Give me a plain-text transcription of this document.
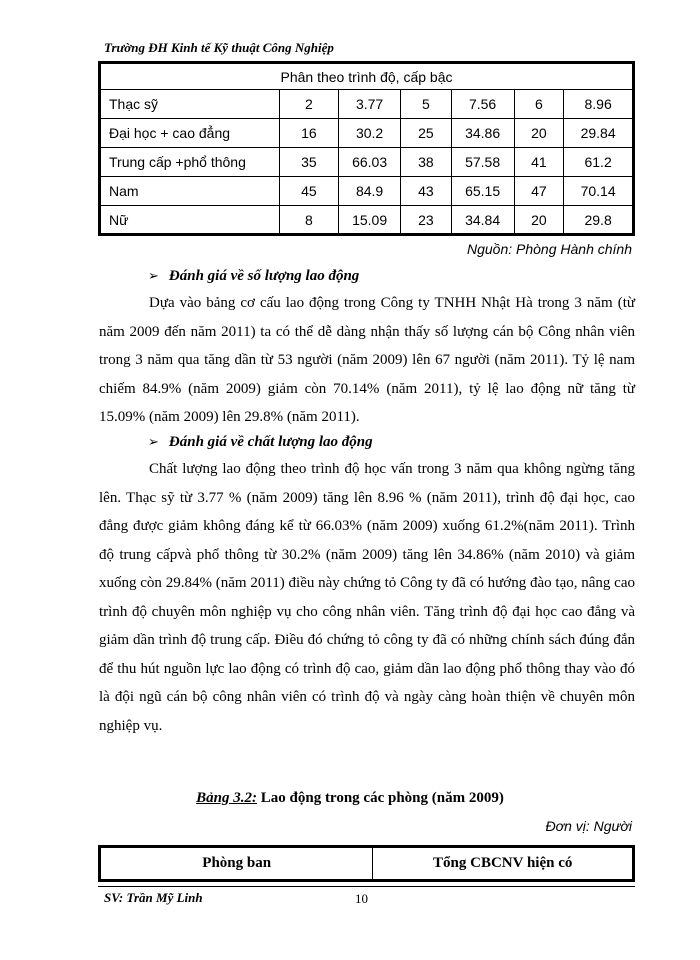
Trường ĐH Kinh tế Kỹ thuật Công Nghiệp
Phân theo trình độ, cấp bậc						
Thạc sỹ	2	3.77	5	7.56	6	8.96
Đại học + cao đẳng	16	30.2	25	34.86	20	29.84
Trung cấp +phổ thông	35	66.03	38	57.58	41	61.2
Nam	45	84.9	43	65.15	47	70.14
Nữ	8	15.09	23	34.84	20	29.8
Nguồn: Phòng Hành chính
➢ Đánh giá về số lượng lao động

Dựa vào bảng cơ cấu lao động trong Công ty TNHH Nhật Hà trong 3 năm (từ năm 2009 đến năm 2011) ta có thể dễ dàng nhận thấy số lượng cán bộ Công nhân viên trong 3 năm qua tăng dần từ 53 người (năm 2009) lên 67 người (năm 2011). Tỷ lệ nam chiếm 84.9% (năm 2009) giảm còn 70.14% (năm 2011), tỷ lệ lao động nữ tăng từ 15.09% (năm 2009) lên 29.8% (năm 2011).

➢ Đánh giá về chất lượng lao động

Chất lượng lao động theo trình độ học vấn trong 3 năm qua không ngừng tăng lên. Thạc sỹ từ 3.77 % (năm 2009) tăng lên 8.96 % (năm 2011), trình độ đại học, cao đẳng được giảm không đáng kể từ 66.03% (năm 2009) xuống 61.2%(năm 2011). Trình độ trung cấpvà phổ thông từ 30.2% (năm 2009) tăng lên 34.86% (năm 2010) và giảm xuống còn 29.84% (năm 2011) điều này chứng tỏ Công ty đã có hướng đào tạo, nâng cao trình độ chuyên môn nghiệp vụ cho công nhân viên. Tăng trình độ đại học cao đẳng và giảm dần trình độ trung cấp. Điều đó chứng tỏ công ty đã có những chính sách đúng đắn để thu hút nguồn lực lao động có trình độ cao, giảm dần lao động phổ thông thay vào đó là đội ngũ cán bộ công nhân viên có trình độ và ngày càng hoàn thiện về chuyên môn nghiệp vụ.

Bảng 3.2: Lao động trong các phòng (năm 2009)
Đơn vị: Người
Phòng ban	Tổng CBCNV hiện có
SV: Trần Mỹ Linh	10
